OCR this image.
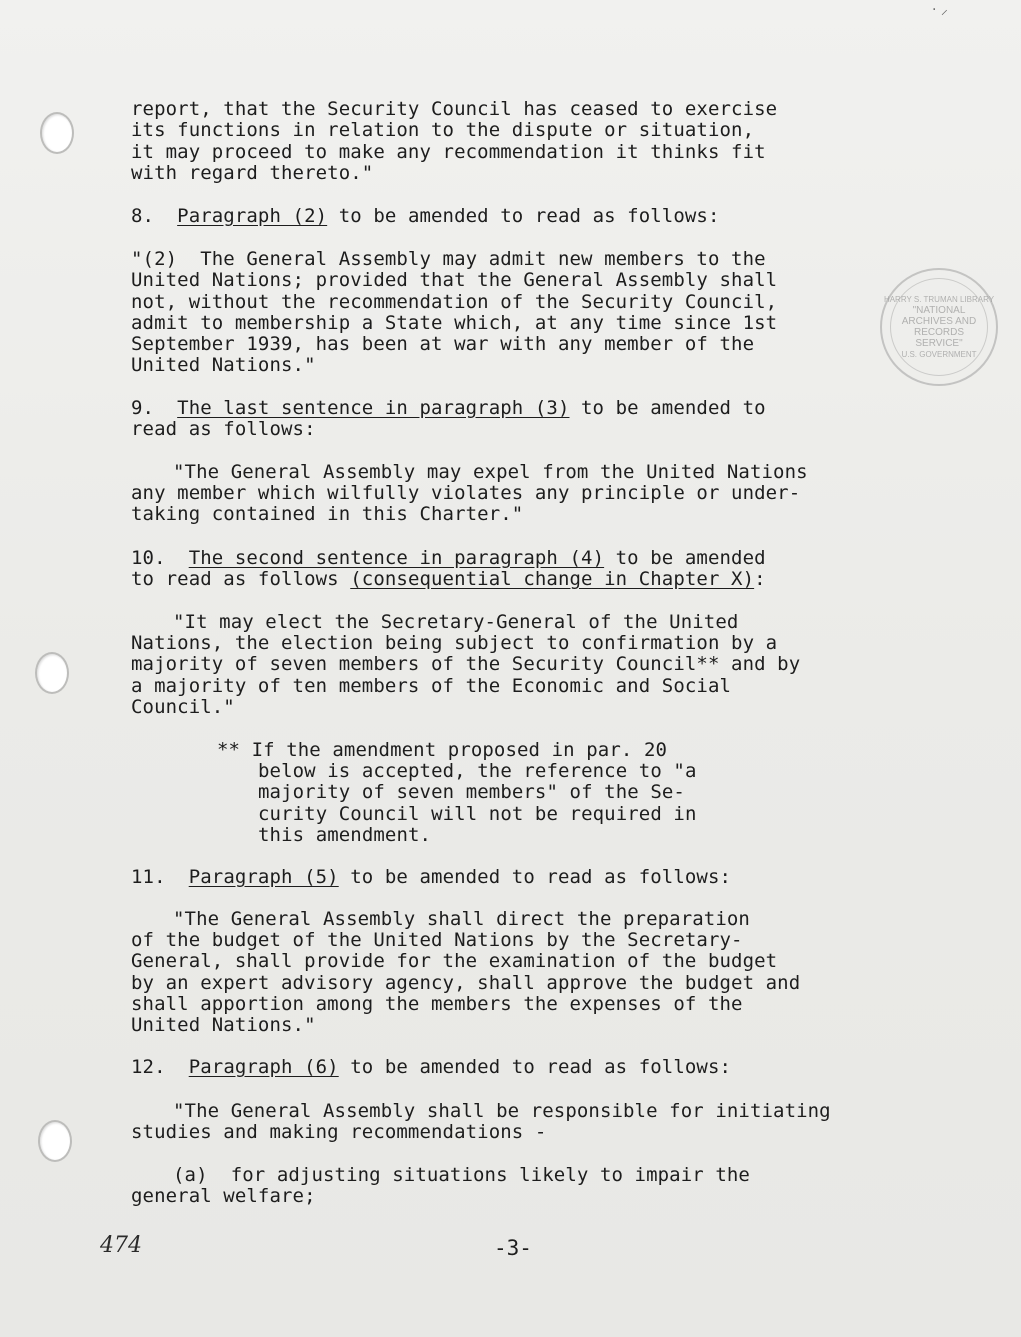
· ⸝
HARRY S. TRUMAN LIBRARY
"NATIONAL
ARCHIVES AND
RECORDS
SERVICE"
U.S. GOVERNMENT
report, that the Security Council has ceased to exercise
its functions in relation to the dispute or situation,
it may proceed to make any recommendation it thinks fit
with regard thereto."
8.  Paragraph (2) to be amended to read as follows:
"(2)  The General Assembly may admit new members to the
United Nations; provided that the General Assembly shall
not, without the recommendation of the Security Council,
admit to membership a State which, at any time since 1st
September 1939, has been at war with any member of the
United Nations."
9.  The last sentence in paragraph (3) to be amended to
read as follows:
"The General Assembly may expel from the United Nations
any member which wilfully violates any principle or under-
taking contained in this Charter."
10.  The second sentence in paragraph (4) to be amended
to read as follows (consequential change in Chapter X):
"It may elect the Secretary-General of the United
Nations, the election being subject to confirmation by a
majority of seven members of the Security Council** and by
a majority of ten members of the Economic and Social
Council."
** If the amendment proposed in par. 20
below is accepted, the reference to "a
majority of seven members" of the Se-
curity Council will not be required in
this amendment.
11.  Paragraph (5) to be amended to read as follows:
"The General Assembly shall direct the preparation
of the budget of the United Nations by the Secretary-
General, shall provide for the examination of the budget
by an expert advisory agency, shall approve the budget and
shall apportion among the members the expenses of the
United Nations."
12.  Paragraph (6) to be amended to read as follows:
"The General Assembly shall be responsible for initiating
studies and making recommendations -
(a)  for adjusting situations likely to impair the
general welfare;
474	-3-
